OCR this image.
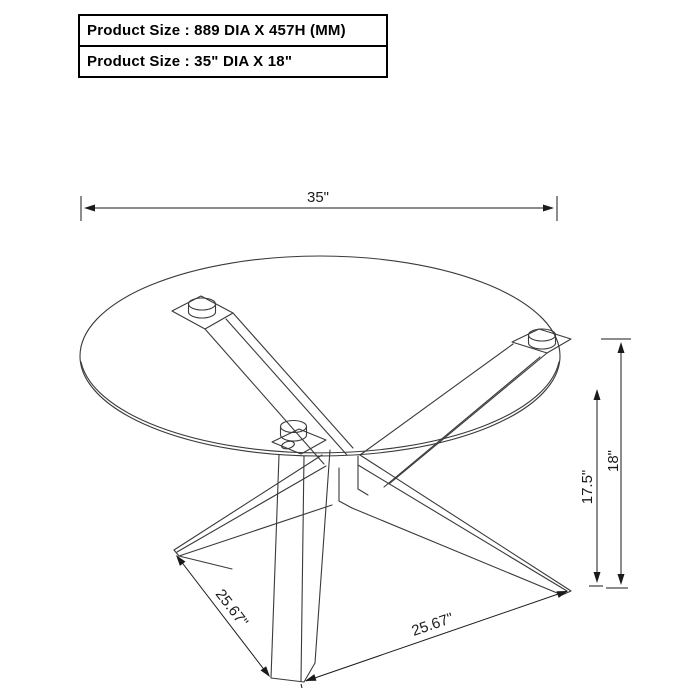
Product Size : 889 DIA X 457H (MM)
Product Size : 35" DIA X 18"
35"
18"
17.5"
25.67"	25.67"
